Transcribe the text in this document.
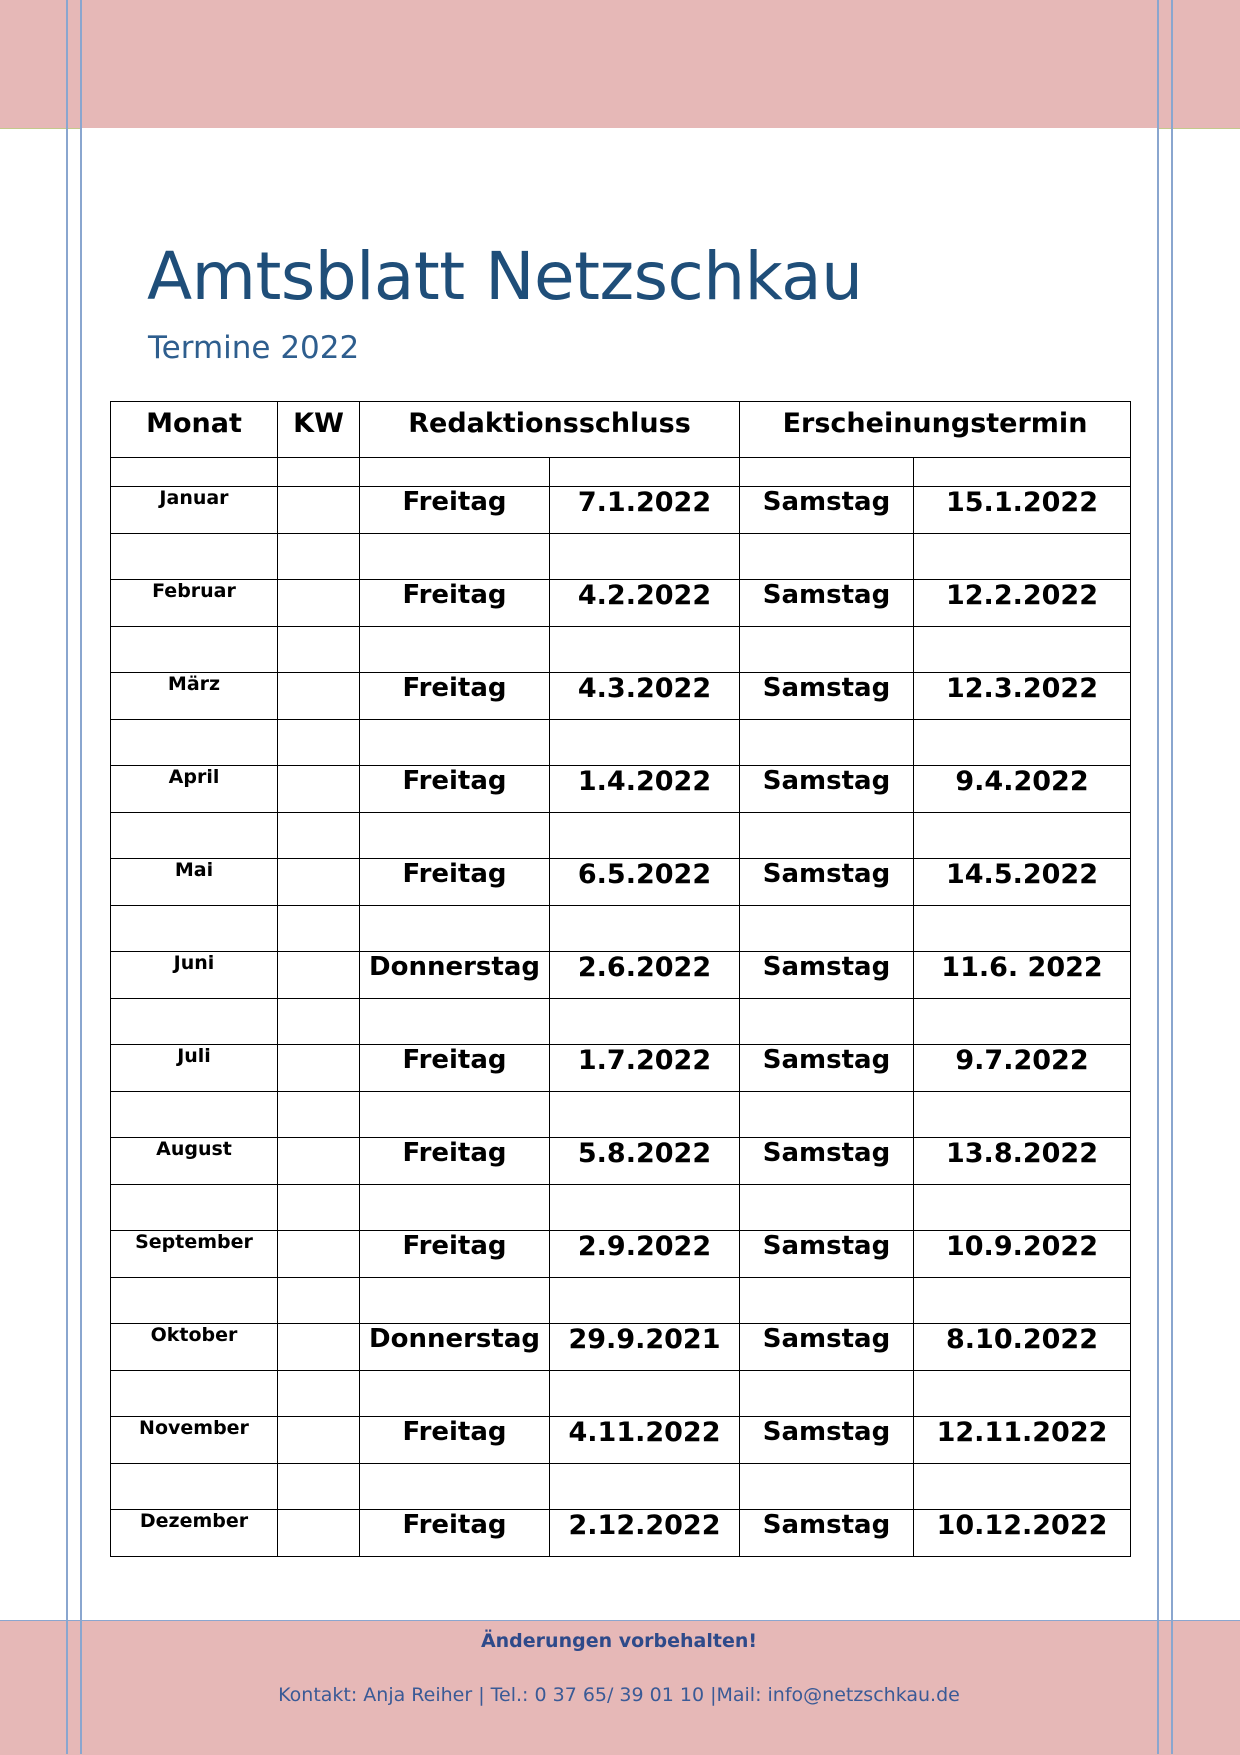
Amtsblatt Netzschkau
Termine 2022
Monat	KW	Redaktionsschluss		Erscheinungstermin	

Januar		Freitag	7.1.2022	Samstag	15.1.2022

Februar		Freitag	4.2.2022	Samstag	12.2.2022

März		Freitag	4.3.2022	Samstag	12.3.2022

April		Freitag	1.4.2022	Samstag	9.4.2022

Mai		Freitag	6.5.2022	Samstag	14.5.2022

Juni		Donnerstag	2.6.2022	Samstag	11.6. 2022

Juli		Freitag	1.7.2022	Samstag	9.7.2022

August		Freitag	5.8.2022	Samstag	13.8.2022

September		Freitag	2.9.2022	Samstag	10.9.2022

Oktober		Donnerstag	29.9.2021	Samstag	8.10.2022

November		Freitag	4.11.2022	Samstag	12.11.2022

Dezember		Freitag	2.12.2022	Samstag	10.12.2022
Änderungen vorbehalten!
Kontakt: Anja Reiher | Tel.: 0 37 65/ 39 01 10 |Mail: info@netzschkau.de
